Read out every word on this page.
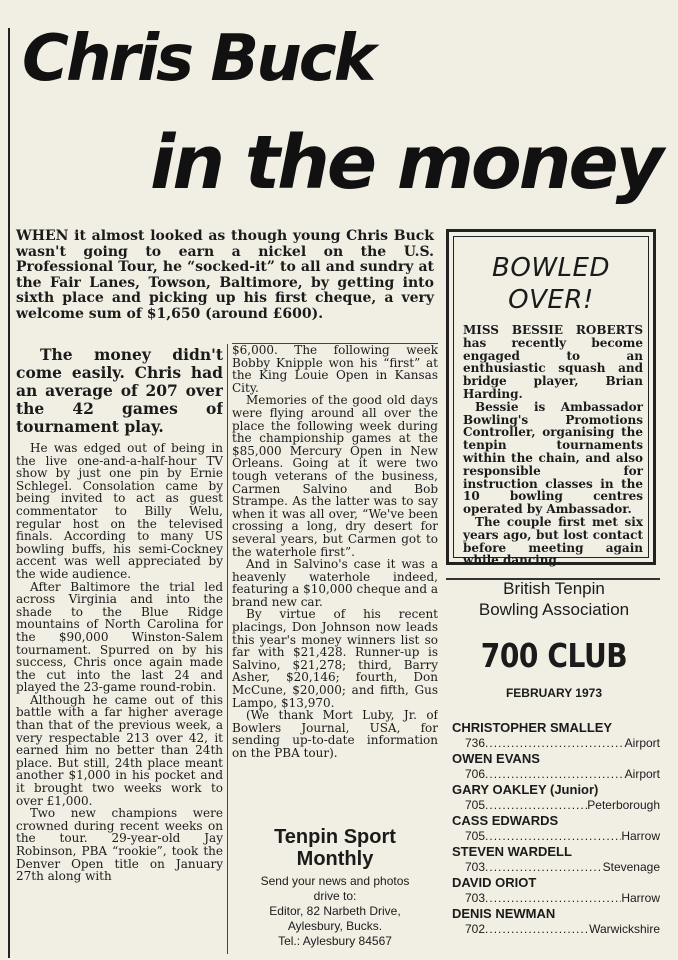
Chris Buck
in the money
WHEN it almost looked as though young Chris Buck wasn't going to earn a nickel on the U.S. Professional Tour, he “socked-it” to all and sundry at the Fair Lanes, Towson, Baltimore, by getting into sixth place and picking up his first cheque, a very welcome sum of $1,650 (around £600).

The money didn't come easily. Chris had an average of 207 over the 42 games of tournament play.

He was edged out of being in the live one-and-a-half-hour TV show by just one pin by Ernie Schlegel. Consolation came by being invited to act as guest commentator to Billy Welu, regular host on the televised finals. According to many US bowling buffs, his semi-Cockney accent was well appreciated by the wide audience.

After Baltimore the trial led across Virginia and into the shade to the Blue Ridge mountains of North Carolina for the $90,000 Winston-Salem tournament. Spurred on by his success, Chris once again made the cut into the last 24 and played the 23-game round-robin.

Although he came out of this battle with a far higher average than that of the previous week, a very respectable 213 over 42, it earned him no better than 24th place. But still, 24th place meant another $1,000 in his pocket and it brought two weeks work to over £1,000.

Two new champions were crowned during recent weeks on the tour. 29-year-old Jay Robinson, PBA “rookie”, took the Denver Open title on January 27th along with

$6,000. The following week Bobby Knipple won his “first” at the King Louie Open in Kansas City.

Memories of the good old days were flying around all over the place the following week during the championship games at the $85,000 Mercury Open in New Orleans. Going at it were two tough veterans of the business, Carmen Salvino and Bob Strampe. As the latter was to say when it was all over, “We've been crossing a long, dry desert for several years, but Carmen got to the waterhole first”.

And in Salvino's case it was a heavenly waterhole indeed, featuring a $10,000 cheque and a brand new car.

By virtue of his recent placings, Don Johnson now leads this year's money winners list so far with $21,428. Runner-up is Salvino, $21,278; third, Barry Asher, $20,146; fourth, Don McCune, $20,000; and fifth, Gus Lampo, $13,970.

(We thank Mort Luby, Jr. of Bowlers Journal, USA, for sending up-to-date information on the PBA tour).

Tenpin Sport
Monthly
Send your news and photos
drive to:
Editor, 82 Narbeth Drive,
Aylesbury, Bucks.
Tel.: Aylesbury 84567
BOWLED
OVER!

MISS BESSIE ROBERTS has recently become engaged to an enthusiastic squash and bridge player, Brian Harding.

Bessie is Ambassador Bowling's Promotions Controller, organising the tenpin tournaments within the chain, and also responsible for instruction classes in the 10 bowling centres operated by Ambassador.

The couple first met six years ago, but lost contact before meeting again while dancing.

British Tenpin
Bowling Association
700 CLUB
FEBRUARY 1973
CHRISTOPHER SMALLEY
736 .....	Airport
OWEN EVANS
706 .....	Airport
GARY OAKLEY (Junior)
705 .....	Peterborough
CASS EDWARDS
705 .....	Harrow
STEVEN WARDELL
703 .....	Stevenage
DAVID ORIOT
703 .....	Harrow
DENIS NEWMAN
702 .....	Warwickshire
